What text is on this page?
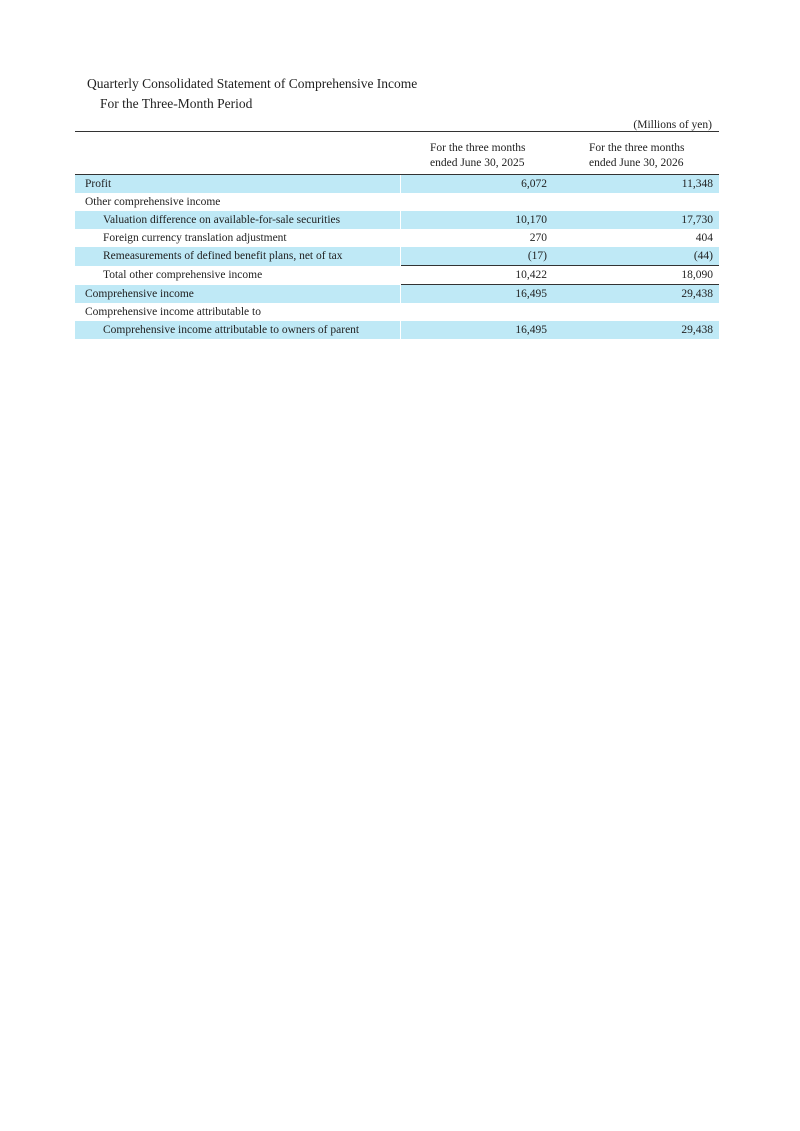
Quarterly Consolidated Statement of Comprehensive Income
For the Three-Month Period
(Millions of yen)
For the three months
ended June 30, 2025
For the three months
ended June 30, 2026
Profit	6,072	11,348
Other comprehensive income		
Valuation difference on available-for-sale securities	10,170	17,730
Foreign currency translation adjustment	270	404
Remeasurements of defined benefit plans, net of tax	(17)	(44)
Total other comprehensive income	10,422	18,090
Comprehensive income	16,495	29,438
Comprehensive income attributable to		
Comprehensive income attributable to owners of parent	16,495	29,438
